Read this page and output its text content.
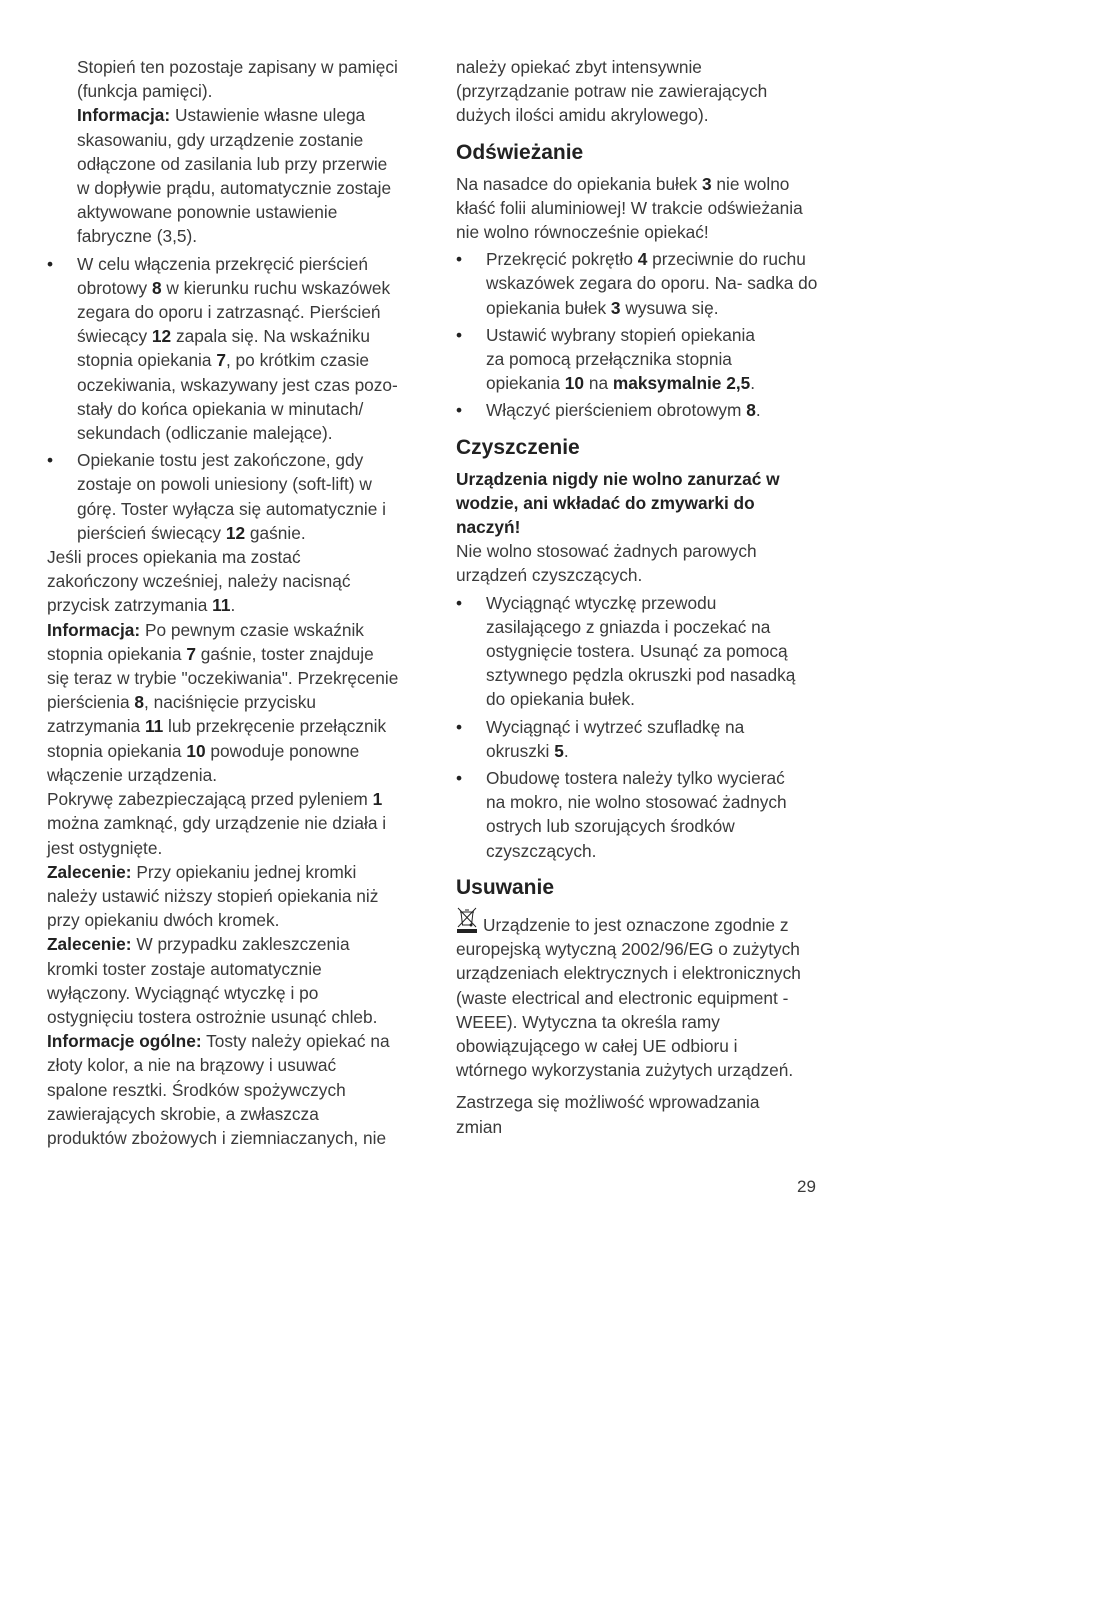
Stopień ten pozostaje zapisany w pamięci
(funkcja pamięci).
Informacja: Ustawienie własne ulega
skasowaniu, gdy urządzenie zostanie
odłączone od zasilania lub przy przerwie
w dopływie prądu, automatycznie zostaje
aktywowane ponownie ustawienie
fabryczne (3,5).
• W celu włączenia przekręcić pierścień
obrotowy 8 w kierunku ruchu wskazówek
zegara do oporu i zatrzasnąć. Pierścień
świecący 12 zapala się. Na wskaźniku
stopnia opiekania 7, po krótkim czasie
oczekiwania, wskazywany jest czas pozo-
stały do końca opiekania w minutach/
sekundach (odliczanie malejące).
• Opiekanie tostu jest zakończone, gdy
zostaje on powoli uniesiony (soft-lift) w
górę. Toster wyłącza się automatycznie i
pierścień świecący 12 gaśnie.
Jeśli proces opiekania ma zostać
zakończony wcześniej, należy nacisnąć
przycisk zatrzymania 11.
Informacja: Po pewnym czasie wskaźnik
stopnia opiekania 7 gaśnie, toster znajduje
się teraz w trybie "oczekiwania". Przekręcenie
pierścienia 8, naciśnięcie przycisku
zatrzymania 11 lub przekręcenie przełącznik
stopnia opiekania 10 powoduje ponowne
włączenie urządzenia.
Pokrywę zabezpieczającą przed pyleniem 1
można zamknąć, gdy urządzenie nie działa i
jest ostygnięte.
Zalecenie: Przy opiekaniu jednej kromki
należy ustawić niższy stopień opiekania niż
przy opiekaniu dwóch kromek.
Zalecenie: W przypadku zakleszczenia
kromki toster zostaje automatycznie
wyłączony. Wyciągnąć wtyczkę i po
ostygnięciu tostera ostrożnie usunąć chleb.
Informacje ogólne: Tosty należy opiekać na
złoty kolor, a nie na brązowy i usuwać
spalone resztki. Środków spożywczych
zawierających skrobie, a zwłaszcza
produktów zbożowych i ziemniaczanych, nie
należy opiekać zbyt intensywnie
(przyrządzanie potraw nie zawierających
dużych ilości amidu akrylowego).
Odświeżanie
Na nasadce do opiekania bułek 3 nie wolno
kłaść folii aluminiowej! W trakcie odświeżania
nie wolno równocześnie opiekać!
• Przekręcić pokrętło 4 przeciwnie do ruchu
wskazówek zegara do oporu. Na- sadka do
opiekania bułek 3 wysuwa się.
• Ustawić wybrany stopień opiekania
za pomocą przełącznika stopnia
opiekania 10 na maksymalnie 2,5.
• Włączyć pierścieniem obrotowym 8.
Czyszczenie
Urządzenia nigdy nie wolno zanurzać w
wodzie, ani wkładać do zmywarki do
naczyń!
Nie wolno stosować żadnych parowych
urządzeń czyszczących.
• Wyciągnąć wtyczkę przewodu
zasilającego z gniazda i poczekać na
ostygnięcie tostera. Usunąć za pomocą
sztywnego pędzla okruszki pod nasadką
do opiekania bułek.
• Wyciągnąć i wytrzeć szufladkę na
okruszki 5.
• Obudowę tostera należy tylko wycierać
na mokro, nie wolno stosować żadnych
ostrych lub szorujących środków
czyszczących.
Usuwanie
Urządzenie to jest oznaczone zgodnie z
europejską wytyczną 2002/96/EG o zużytych
urządzeniach elektrycznych i elektronicznych
(waste electrical and electronic equipment -
WEEE). Wytyczna ta określa ramy
obowiązującego w całej UE odbioru i
wtórnego wykorzystania zużytych urządzeń.
Zastrzega się możliwość wprowadzania
zmian
29
